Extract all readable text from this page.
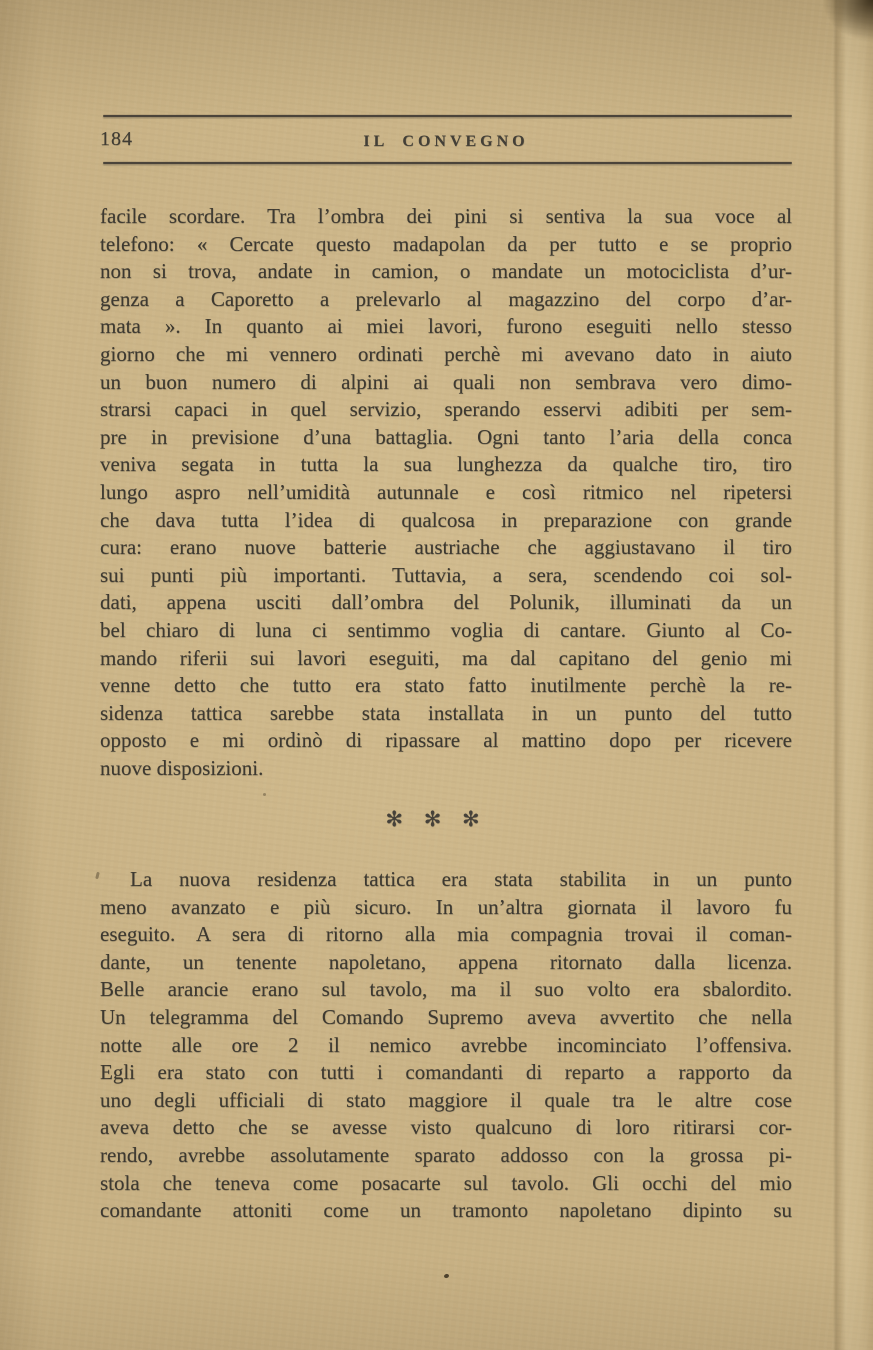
184	IL CONVEGNO
facile scordare. Tra l’ombra dei pini si sentiva la sua voce al
telefono: « Cercate questo madapolan da per tutto e se proprio
non si trova, andate in camion, o mandate un motociclista d’ur-
genza a Caporetto a prelevarlo al magazzino del corpo d’ar-
mata ». In quanto ai miei lavori, furono eseguiti nello stesso
giorno che mi vennero ordinati perchè mi avevano dato in aiuto
un buon numero di alpini ai quali non sembrava vero dimo-
strarsi capaci in quel servizio, sperando esservi adibiti per sem-
pre in previsione d’una battaglia. Ogni tanto l’aria della conca
veniva segata in tutta la sua lunghezza da qualche tiro, tiro
lungo aspro nell’umidità autunnale e così ritmico nel ripetersi
che dava tutta l’idea di qualcosa in preparazione con grande
cura: erano nuove batterie austriache che aggiustavano il tiro
sui punti più importanti. Tuttavia, a sera, scendendo coi sol-
dati, appena usciti dall’ombra del Polunik, illuminati da un
bel chiaro di luna ci sentimmo voglia di cantare. Giunto al Co-
mando riferii sui lavori eseguiti, ma dal capitano del genio mi
venne detto che tutto era stato fatto inutilmente perchè la re-
sidenza tattica sarebbe stata installata in un punto del tutto
opposto e mi ordinò di ripassare al mattino dopo per ricevere
nuove disposizioni.
✻ ✻ ✻
La nuova residenza tattica era stata stabilita in un punto
meno avanzato e più sicuro. In un’altra giornata il lavoro fu
eseguito. A sera di ritorno alla mia compagnia trovai il coman-
dante, un tenente napoletano, appena ritornato dalla licenza.
Belle arancie erano sul tavolo, ma il suo volto era sbalordito.
Un telegramma del Comando Supremo aveva avvertito che nella
notte alle ore 2 il nemico avrebbe incominciato l’offensiva.
Egli era stato con tutti i comandanti di reparto a rapporto da
uno degli ufficiali di stato maggiore il quale tra le altre cose
aveva detto che se avesse visto qualcuno di loro ritirarsi cor-
rendo, avrebbe assolutamente sparato addosso con la grossa pi-
stola che teneva come posacarte sul tavolo. Gli occhi del mio
comandante attoniti come un tramonto napoletano dipinto su
